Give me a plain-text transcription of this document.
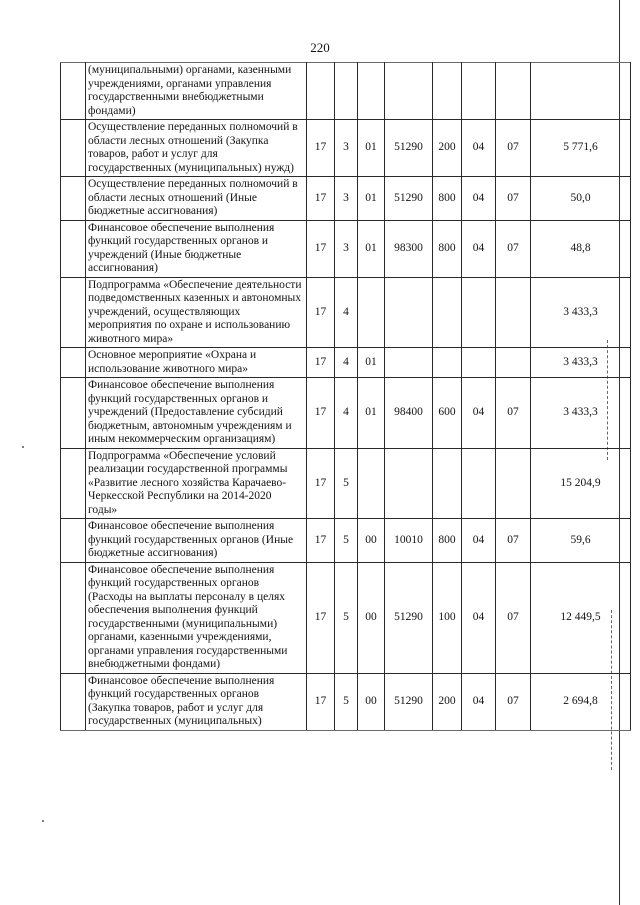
220
	(муниципальными) органами, казенными учреждениями, органами управления государственными внебюджетными фондами)								
	Осуществление переданных полномочий в области лесных отношений (Закупка товаров, работ и услуг для государственных (муниципальных) нужд)	17	3	01	51290	200	04	07	5 771,6
	Осуществление переданных полномочий в области лесных отношений (Иные бюджетные ассигнования)	17	3	01	51290	800	04	07	50,0
	Финансовое обеспечение выполнения функций государственных органов и учреждений (Иные бюджетные ассигнования)	17	3	01	98300	800	04	07	48,8
	Подпрограмма «Обеспечение деятельности подведомственных казенных и автономных учреждений, осуществляющих мероприятия по охране и использованию животного мира»	17	4						3 433,3
	Основное мероприятие «Охрана и использование животного мира»	17	4	01					3 433,3
	Финансовое обеспечение выполнения функций государственных органов и учреждений (Предоставление субсидий бюджетным, автономным учреждениям и иным некоммерческим организациям)	17	4	01	98400	600	04	07	3 433,3
	Подпрограмма «Обеспечение условий реализации государственной программы «Развитие лесного хозяйства Карачаево-Черкесской Республики на 2014-2020 годы»	17	5						15 204,9
	Финансовое обеспечение выполнения функций государственных органов (Иные бюджетные ассигнования)	17	5	00	10010	800	04	07	59,6
	Финансовое обеспечение выполнения функций государственных органов (Расходы на выплаты персоналу в целях обеспечения выполнения функций государственными (муниципальными) органами, казенными учреждениями, органами управления государственными внебюджетными фондами)	17	5	00	51290	100	04	07	12 449,5
	Финансовое обеспечение выполнения функций государственных органов (Закупка товаров, работ и услуг для государственных (муниципальных)	17	5	00	51290	200	04	07	2 694,8
